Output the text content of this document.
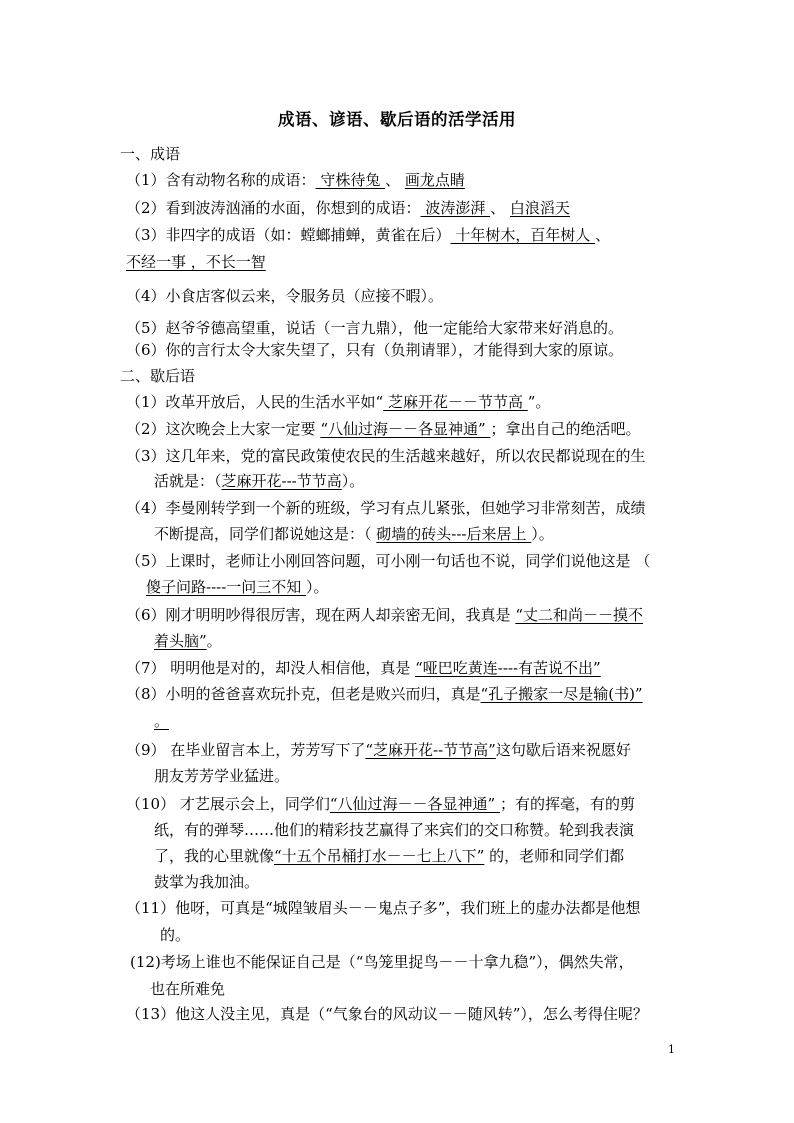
成语、谚语、歇后语的活学活用
一、成语
（1）含有动物名称的成语： 守株待兔 、 画龙点睛
（2）看到波涛汹涌的水面，你想到的成语： 波涛澎湃 、 白浪滔天
（3）非四字的成语（如：螳螂捕蝉，黄雀在后） 十年树木，百年树人 、
不经一事 ，不长一智
（4）小食店客似云来，令服务员（应接不暇）。
（5）赵爷爷德高望重，说话（一言九鼎），他一定能给大家带来好消息的。
（6）你的言行太令大家失望了，只有（负荆请罪），才能得到大家的原谅。
二、歇后语
（1）改革开放后，人民的生活水平如“ 芝麻开花－－节节高 ”。
（2）这次晚会上大家一定要 “八仙过海－－各显神通” ；拿出自己的绝活吧。
（3）这几年来，党的富民政策使农民的生活越来越好，所以农民都说现在的生
活就是：（芝麻开花---节节高）。
（4）李曼刚转学到一个新的班级，学习有点儿紧张，但她学习非常刻苦，成绩
不断提高，同学们都说她这是：（ 砌墙的砖头---后来居上 ）。
（5）上课时，老师让小刚回答问题，可小刚一句话也不说，同学们说他这是 （
傻子问路----一问三不知 ）。
（6）刚才明明吵得很厉害，现在两人却亲密无间，我真是 “丈二和尚－－摸不
着头脑”。
（7） 明明他是对的，却没人相信他，真是 “哑巴吃黄连----有苦说不出”
（8）小明的爸爸喜欢玩扑克，但老是败兴而归，真是“孔子搬家一尽是输(书)”
。
（9） 在毕业留言本上，芳芳写下了“芝麻开花--节节高”这句歇后语来祝愿好
朋友芳芳学业猛进。
（10） 才艺展示会上，同学们“八仙过海－－各显神通” ；有的挥毫，有的剪
纸，有的弹琴……他们的精彩技艺赢得了来宾们的交口称赞。轮到我表演
了，我的心里就像“十五个吊桶打水－－七上八下” 的，老师和同学们都
鼓掌为我加油。
（11）他呀，可真是“城隍皱眉头－－鬼点子多”，我们班上的虚办法都是他想
的。
(12)考场上谁也不能保证自己是（“鸟笼里捉鸟－－十拿九稳”），偶然失常，
也在所难免
（13）他这人没主见，真是（“气象台的风动议－－随风转”），怎么考得住呢？
1
